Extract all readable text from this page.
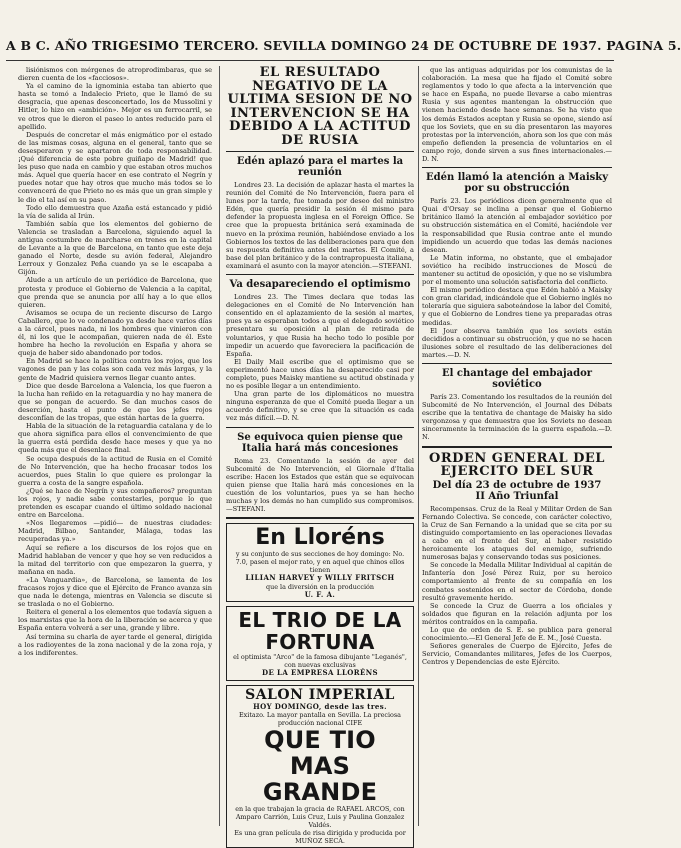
A B C. AÑO TRIGESIMO TERCERO. SEVILLA DOMINGO 24 DE OCTUBRE DE 1937. PAGINA 5.

lisiónismos con mérgenes de atroprodimbaras, que se dieren cuenta de los «facciosos».

Ya el camino de la ignominia estaba tan abierto que hasta se tomó a Indalecio Prieto, que le llamó de su desgracia, que apenas desconcertado, los de Mussolini y Hitler, lo hizo en «ambición». Mejor es un ferrocarril, se ve otros que le dieron el paseo lo antes reducido para el apellido.

Después de concretar el más enigmático por el estado de las mismas cosas, alguna en el general, tanto que se desesperaron y se apartaron de toda responsabilidad. ¡Qué diferencia de este pobre guiñapo de Madrid! que les puso que nada en cambio y que estaban otros muchos más. Aquel que quería hacer en ese contrato el Negrín y puedes notar que hay otros que mucho más todos se lo convencerá de que Prieto no es más que un gran simple y le dio el tal así en su paso.

Todo ello demuestra que Azaña está estancado y pidió la vía de salida al Irún.

También sabía que los elementos del gobierno de Valencia se trasladan a Barcelona, siguiendo aquel la antigua costumbre de marcharse en trenes en la capital de Levante a la que de Barcelona, en tanto que este deja ganado el Norte, desde su avión federal, Alejandro Lerroux y Gonzalez Peña cuando ya se le escapaba a Gijón.

Alude a un artículo de un periódico de Barcelona, que protesta y produce el Gobierno de Valencia a la capital, que prenda que se anuncia por allí hay a lo que ellos quieren.

Avisamos se ocupa de un reciente discurso de Largo Caballero, que lo ve condenado ya desde hace varios días a la cárcel, pues nada, ni los hombres que vinieron con él, ni los que le acompañan, quieren nada de él. Este hombre ha hecho la revolución en España y ahora se queja de haber sido abandonado por todos.

En Madrid se hace la política contra los rojos, que los vagones de pan y las colas son cada vez más largas, y la gente de Madrid quisiera vernos llegar cuanto antes.

Dice que desde Barcelona a Valencia, los que fueron a la lucha han reñido en la retaguardia y no hay manera de que se pongan de acuerdo. Se dan muchos casos de deserción, hasta el punto de que los jefes rojos desconfían de las tropas, que están hartas de la guerra.

Habla de la situación de la retaguardia catalana y de lo que ahora significa para ellos el convencimiento de que la guerra está perdida desde hace meses y que ya no queda más que el desenlace final.

Se ocupa después de la actitud de Rusia en el Comité de No Intervención, que ha hecho fracasar todos los acuerdos, pues Stalin lo que quiere es prolongar la guerra a costa de la sangre española.

¿Qué se hace de Negrín y sus compañeros? preguntan los rojos, y nadie sabe contestarles, porque lo que pretenden es escapar cuando el último soldado nacional entre en Barcelona.

«Nos llegaremos —pidió— de nuestras ciudades: Madrid, Bilbao, Santander, Málaga, todas las recuperadas ya.»

Aquí se refiere a los discursos de los rojos que en Madrid hablaban de vencer y que hoy se ven reducidos a la mitad del territorio con que empezaron la guerra, y mañana en nada.

«La Vanguardia», de Barcelona, se lamenta de los fracasos rojos y dice que el Ejército de Franco avanza sin que nada le detenga, mientras en Valencia se discute si se traslada o no el Gobierno.

Reitera el general a los elementos que todavía siguen a los marxistas que la hora de la liberación se acerca y que España entera volverá a ser una, grande y libre.

Así termina su charla de ayer tarde el general, dirigida a los radioyentes de la zona nacional y de la zona roja, y a los indiferentes.

EL RESULTADO NEGATIVO DE LA ULTIMA SESION DE NO INTERVENCION SE HA DEBIDO A LA ACTITUD DE RUSIA
Edén aplazó para el martes la reunión

Londres 23. La decisión de aplazar hasta el martes la reunión del Comité de No Intervención, fuera para el lunes por la tarde, fue tomada por deseo del ministro Edén, que quería presidir la sesión él mismo para defender la propuesta inglesa en el Foreign Office. Se cree que la propuesta británica será examinada de nuevo en la próxima reunión, habiéndose enviado a los Gobiernos los textos de las deliberaciones para que den su respuesta definitiva antes del martes. El Comité, a base del plan británico y de la contrapropuesta italiana, examinará el asunto con la mayor atención.—STEFANI.

Va desapareciendo el optimismo

Londres 23. The Times declara que todas las delegaciones en el Comité de No Intervención han consentido en el aplazamiento de la sesión al martes, pues ya se esperaban todos a que el delegado soviético presentara su oposición al plan de retirada de voluntarios, y que Rusia ha hecho todo lo posible por impedir un acuerdo que favoreciera la pacificación de España.

El Daily Mail escribe que el optimismo que se experimentó hace unos días ha desaparecido casi por completo, pues Maisky mantiene su actitud obstinada y no es posible llegar a un entendimiento.

Una gran parte de los diplomáticos no muestra ninguna esperanza de que el Comité pueda llegar a un acuerdo definitivo, y se cree que la situación es cada vez más difícil.—D. N.

Se equivoca quien piense que Italia hará más concesiones

Roma 23. Comentando la sesión de ayer del Subcomité de No Intervención, el Giornale d'Italia escribe: Hacen los Estados que están que se equivocan quien piense que Italia hará más concesiones en la cuestión de los voluntarios, pues ya se han hecho muchas y los demás no han cumplido sus compromisos.—STEFANI.

En Lloréns
y su conjunto de sus secciones de hoy domingo: No. 7.0, pasen el mejor rato, y en aquel que chinos ellos tienen
LILIAN HARVEY y WILLY FRITSCH
que la diversión en la producción
U. F. A.
EL TRIO DE LA FORTUNA
el optimista "Arco" de la famosa dibujante "Leganés", con nuevas exclusivas
DE LA EMPRESA LLORÉNS
SALON IMPERIAL
HOY DOMINGO, desde las tres.
Exitazo. La mayor pantalla en Sevilla. La preciosa producción nacional CIFE
QUE TIO MAS GRANDE
en la que trabajan la gracia de RAFAEL ARCOS, con Amparo Carrión, Luis Cruz, Luis y Paulina Gonzalez Valdés.
Es una gran película de risa dirigida y producida por MUÑOZ SECA.

que las antiguas adquiridas por los comunistas de la colaboración. La mesa que ha fijado el Comité sobre reglamentos y todo lo que afecta a la intervención que se hace en España, no puede llevarse a cabo mientras Rusia y sus agentes mantengan la obstrucción que vienen haciendo desde hace semanas. Se ha visto que los demás Estados aceptan y Rusia se opone, siendo así que los Soviets, que en su día presentaron las mayores protestas por la intervención, ahora son los que con más empeño defienden la presencia de voluntarios en el campo rojo, donde sirven a sus fines internacionales.—D. N.

Edén llamó la atención a Maisky por su obstrucción

París 23. Los periódicos dicen generalmente que el Quai d'Orsay se inclina a pensar que el Gobierno británico llamó la atención al embajador soviético por su obstrucción sistemática en el Comité, haciéndole ver la responsabilidad que Rusia contrae ante el mundo impidiendo un acuerdo que todas las demás naciones desean.

Le Matin informa, no obstante, que el embajador soviético ha recibido instrucciones de Moscú de mantener su actitud de oposición, y que no se vislumbra por el momento una solución satisfactoria del conflicto.

El mismo periódico destaca que Edén habló a Maisky con gran claridad, indicándole que el Gobierno inglés no toleraría que siguiera saboteándose la labor del Comité, y que el Gobierno de Londres tiene ya preparadas otras medidas.

El Jour observa también que los soviets están decididos a continuar su obstrucción, y que no se hacen ilusiones sobre el resultado de las deliberaciones del martes.—D. N.

El chantage del embajador soviético

París 23. Comentando los resultados de la reunión del Subcomité de No Intervención, el Journal des Débats escribe que la tentativa de chantage de Maisky ha sido vergonzosa y que demuestra que los Soviets no desean sinceramente la terminación de la guerra española.—D. N.

ORDEN GENERAL DEL EJERCITO DEL SUR
Del día 23 de octubre de 1937
II Año Triunfal

Recompensas. Cruz de la Real y Militar Orden de San Fernando Colectiva. Se concede, con carácter colectivo, la Cruz de San Fernando a la unidad que se cita por su distinguido comportamiento en las operaciones llevadas a cabo en el frente del Sur, al haber resistido heroicamente los ataques del enemigo, sufriendo numerosas bajas y conservando todas sus posiciones.

Se concede la Medalla Militar Individual al capitán de Infantería don José Pérez Ruiz, por su heroico comportamiento al frente de su compañía en los combates sostenidos en el sector de Córdoba, donde resultó gravemente herido.

Se concede la Cruz de Guerra a los oficiales y soldados que figuran en la relación adjunta por los méritos contraídos en la campaña.

Lo que de orden de S. E. se publica para general conocimiento.—El General Jefe de E. M., José Cuesta.

Señores generales de Cuerpo de Ejército, Jefes de Servicio, Comandantes militares, Jefes de los Cuerpos, Centros y Dependencias de este Ejército.
